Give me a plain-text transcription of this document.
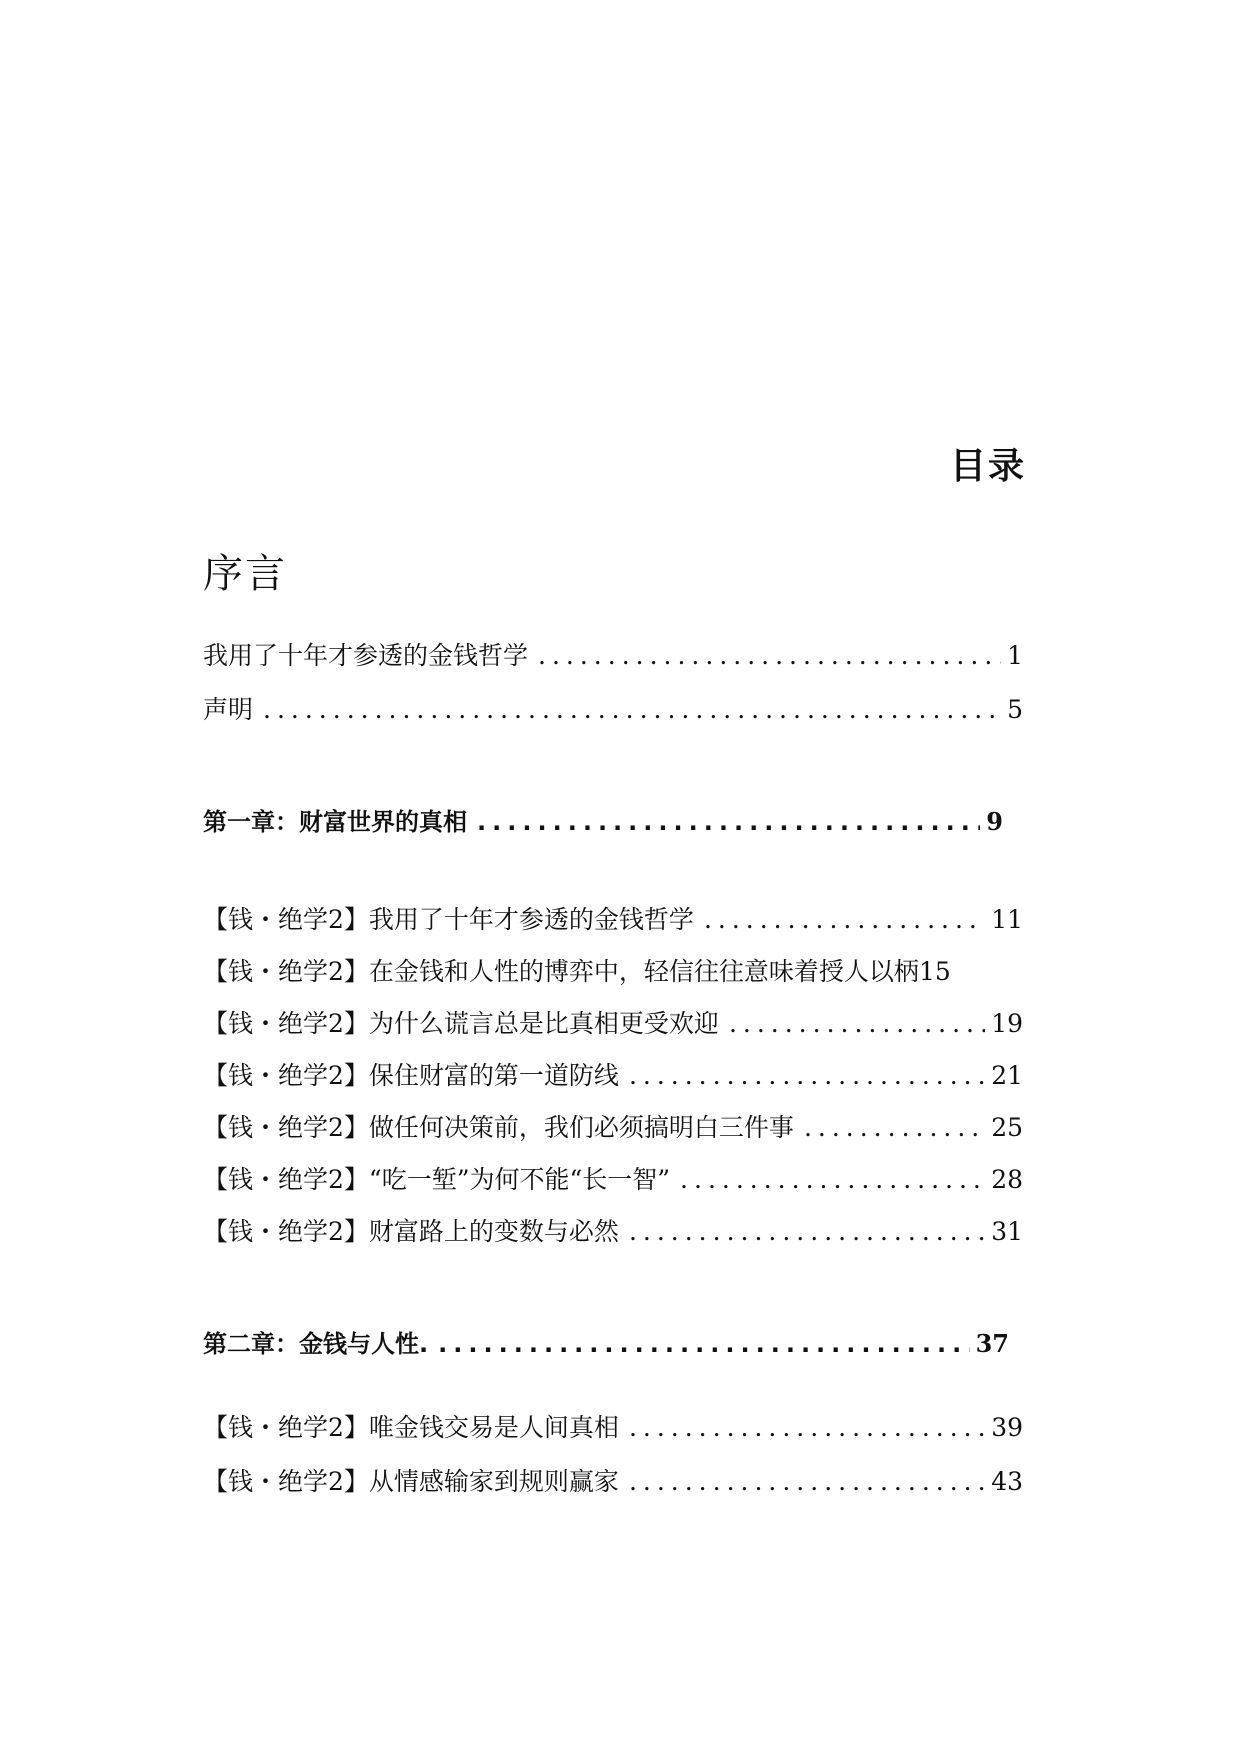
目录
序言
我用了十年才参透的金钱哲学 .....	1
声明 .....	5
第一章：财富世界的真相 .....	9
【钱・绝学2】我用了十年才参透的金钱哲学 .....	11
【钱・绝学2】在金钱和人性的博弈中，轻信往往意味着授人以柄 15
【钱・绝学2】为什么谎言总是比真相更受欢迎 .....	19
【钱・绝学2】保住财富的第一道防线 .....	21
【钱・绝学2】做任何决策前，我们必须搞明白三件事 .....	25
【钱・绝学2】“吃一堑”为何不能“长一智” .....	28
【钱・绝学2】财富路上的变数与必然 .....	31
第二章：金钱与人性. .....	37
【钱・绝学2】唯金钱交易是人间真相 .....	39
【钱・绝学2】从情感输家到规则赢家 .....	43
